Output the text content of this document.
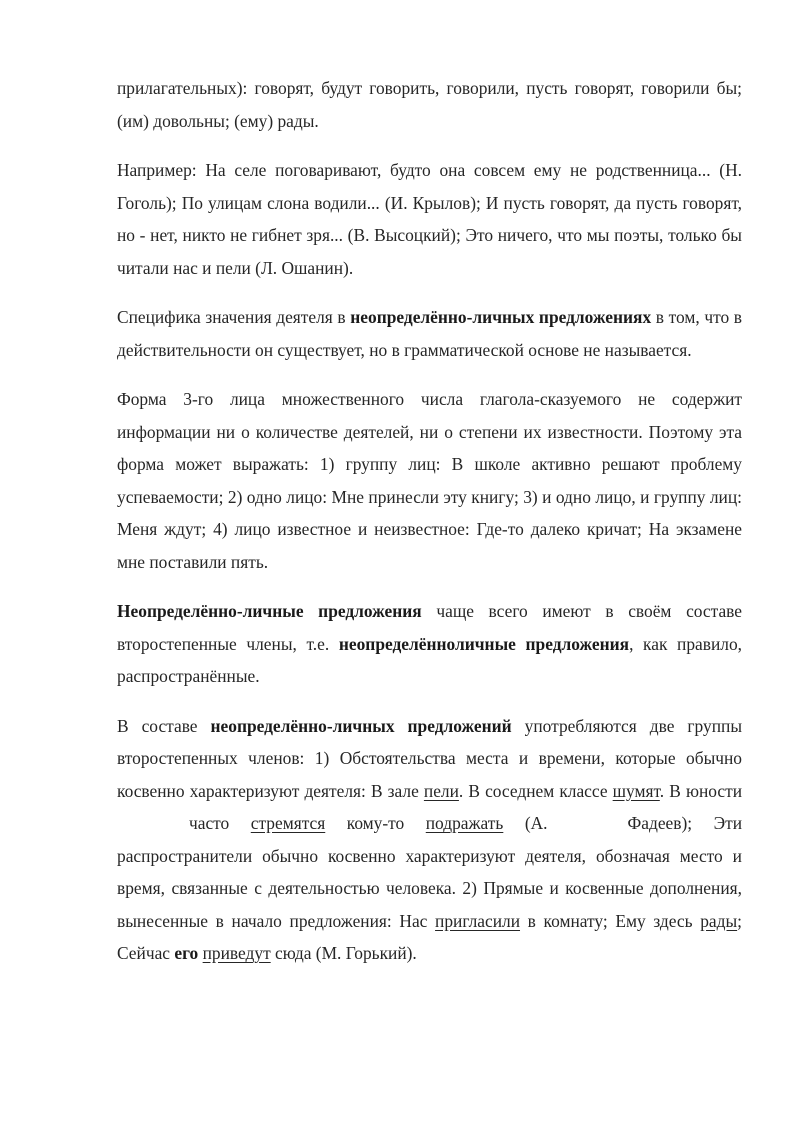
прилагательных): говорят, будут говорить, говорили, пусть говорят, говорили бы; (им) довольны; (ему) рады.

Например: На селе поговаривают, будто она совсем ему не родственница... (Н. Гоголь); По улицам слона водили... (И. Крылов); И пусть говорят, да пусть говорят, но - нет, никто не гибнет зря... (В. Высоцкий); Это ничего, что мы поэты, только бы читали нас и пели (Л. Ошанин).

Специфика значения деятеля в неопределённо-личных предложениях в том, что в действительности он существует, но в грамматической основе не называется.

Форма 3-го лица множественного числа глагола-сказуемого не содержит информации ни о количестве деятелей, ни о степени их известности. Поэтому эта форма может выражать: 1) группу лиц: В школе активно решают проблему успеваемости; 2) одно лицо: Мне принесли эту книгу; 3) и одно лицо, и группу лиц: Меня ждут; 4) лицо известное и неизвестное: Где-то далеко кричат; На экзамене мне поставили пять.

Неопределённо-личные предложения чаще всего имеют в своём составе второстепенные члены, т.е. неопределённоличные предложения, как правило, распространённые.

В составе неопределённо-личных предложений употребляются две группы второстепенных членов: 1) Обстоятельства места и времени, которые обычно косвенно характеризуют деятеля: В зале пели. В соседнем классе шумят. В юностичасто стремятся кому-то подражать (А.	Фадеев); Эти распространители обычно косвенно характеризуют деятеля, обозначая место и время, связанные с деятельностью человека. 2) Прямые и косвенные дополнения, вынесенные в начало предложения: Нас пригласили в комнату; Ему здесь рады; Сейчас его приведут сюда (М. Горький).
